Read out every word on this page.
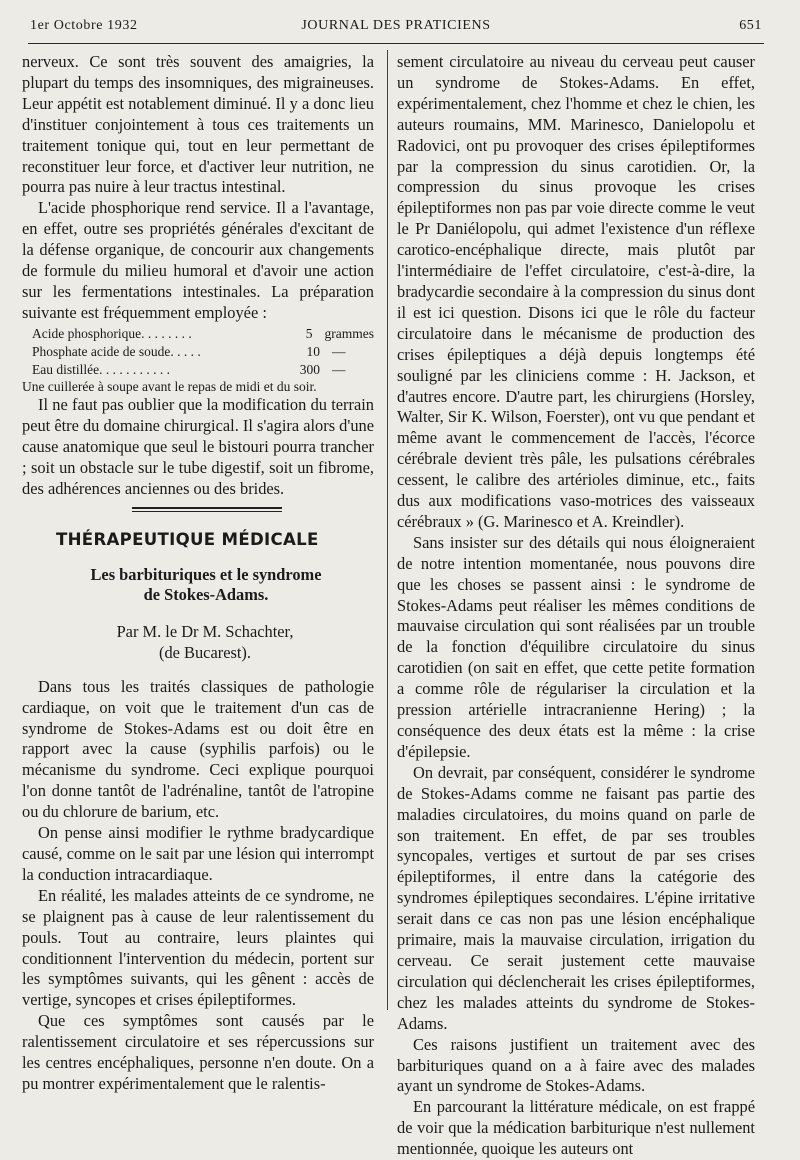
1er Octobre 1932	JOURNAL DES PRATICIENS	651

nerveux. Ce sont très souvent des amaigries, la plupart du temps des insomniques, des migraineuses. Leur appétit est notablement diminué. Il y a donc lieu d'instituer conjointement à tous ces traitements un traitement tonique qui, tout en leur permettant de reconstituer leur force, et d'activer leur nutrition, ne pourra pas nuire à leur tractus intestinal.

L'acide phosphorique rend service. Il a l'avantage, en effet, outre ses propriétés générales d'excitant de la défense organique, de concourir aux changements de formule du milieu humoral et d'avoir une action sur les fermentations intestinales. La préparation suivante est fréquemment employée :

Acide phosphorique. . . . . . . .	5 grammes
Phosphate acide de soude. . . . .	10 —
Eau distillée. . . . . . . . . . .	300 —

Une cuillerée à soupe avant le repas de midi et du soir.

Il ne faut pas oublier que la modification du terrain peut être du domaine chirurgical. Il s'agira alors d'une cause anatomique que seul le bistouri pourra trancher ; soit un obstacle sur le tube digestif, soit un fibrome, des adhérences anciennes ou des brides.

THÉRAPEUTIQUE MÉDICALE
Les barbituriques et le syndrome
de Stokes-Adams.
Par M. le Dr M. Schachter,
(de Bucarest).

Dans tous les traités classiques de pathologie cardiaque, on voit que le traitement d'un cas de syndrome de Stokes-Adams est ou doit être en rapport avec la cause (syphilis parfois) ou le mécanisme du syndrome. Ceci explique pourquoi l'on donne tantôt de l'adrénaline, tantôt de l'atropine ou du chlorure de barium, etc.

On pense ainsi modifier le rythme bradycardique causé, comme on le sait par une lésion qui interrompt la conduction intracardiaque.

En réalité, les malades atteints de ce syndrome, ne se plaignent pas à cause de leur ralentissement du pouls. Tout au contraire, leurs plaintes qui conditionnent l'intervention du médecin, portent sur les symptômes suivants, qui les gênent : accès de vertige, syncopes et crises épileptiformes.

Que ces symptômes sont causés par le ralentissement circulatoire et ses répercussions sur les centres encéphaliques, personne n'en doute. On a pu montrer expérimentalement que le ralentis-

sement circulatoire au niveau du cerveau peut causer un syndrome de Stokes-Adams. En effet, expérimentalement, chez l'homme et chez le chien, les auteurs roumains, MM. Marinesco, Danielopolu et Radovici, ont pu provoquer des crises épileptiformes par la compression du sinus carotidien. Or, la compression du sinus provoque les crises épileptiformes non pas par voie directe comme le veut le Pr Daniélopolu, qui admet l'existence d'un réflexe carotico-encéphalique directe, mais plutôt par l'intermédiaire de l'effet circulatoire, c'est-à-dire, la bradycardie secondaire à la compression du sinus dont il est ici question. Disons ici que le rôle du facteur circulatoire dans le mécanisme de production des crises épileptiques a déjà depuis longtemps été souligné par les cliniciens comme : H. Jackson, et d'autres encore. D'autre part, les chirurgiens (Horsley, Walter, Sir K. Wilson, Foerster), ont vu que pendant et même avant le commencement de l'accès, l'écorce cérébrale devient très pâle, les pulsations cérébrales cessent, le calibre des artérioles diminue, etc., faits dus aux modifications vaso-motrices des vaisseaux cérébraux » (G. Marinesco et A. Kreindler).

Sans insister sur des détails qui nous éloigneraient de notre intention momentanée, nous pouvons dire que les choses se passent ainsi : le syndrome de Stokes-Adams peut réaliser les mêmes conditions de mauvaise circulation qui sont réalisées par un trouble de la fonction d'équilibre circulatoire du sinus carotidien (on sait en effet, que cette petite formation a comme rôle de régulariser la circulation et la pression artérielle intracranienne Hering) ; la conséquence des deux états est la même : la crise d'épilepsie.

On devrait, par conséquent, considérer le syndrome de Stokes-Adams comme ne faisant pas partie des maladies circulatoires, du moins quand on parle de son traitement. En effet, de par ses troubles syncopales, vertiges et surtout de par ses crises épileptiformes, il entre dans la catégorie des syndromes épileptiques secondaires. L'épine irritative serait dans ce cas non pas une lésion encéphalique primaire, mais la mauvaise circulation, irrigation du cerveau. Ce serait justement cette mauvaise circulation qui déclencherait les crises épileptiformes, chez les malades atteints du syndrome de Stokes-Adams.

Ces raisons justifient un traitement avec des barbituriques quand on a à faire avec des malades ayant un syndrome de Stokes-Adams.

En parcourant la littérature médicale, on est frappé de voir que la médication barbiturique n'est nullement mentionnée, quoique les auteurs ont
